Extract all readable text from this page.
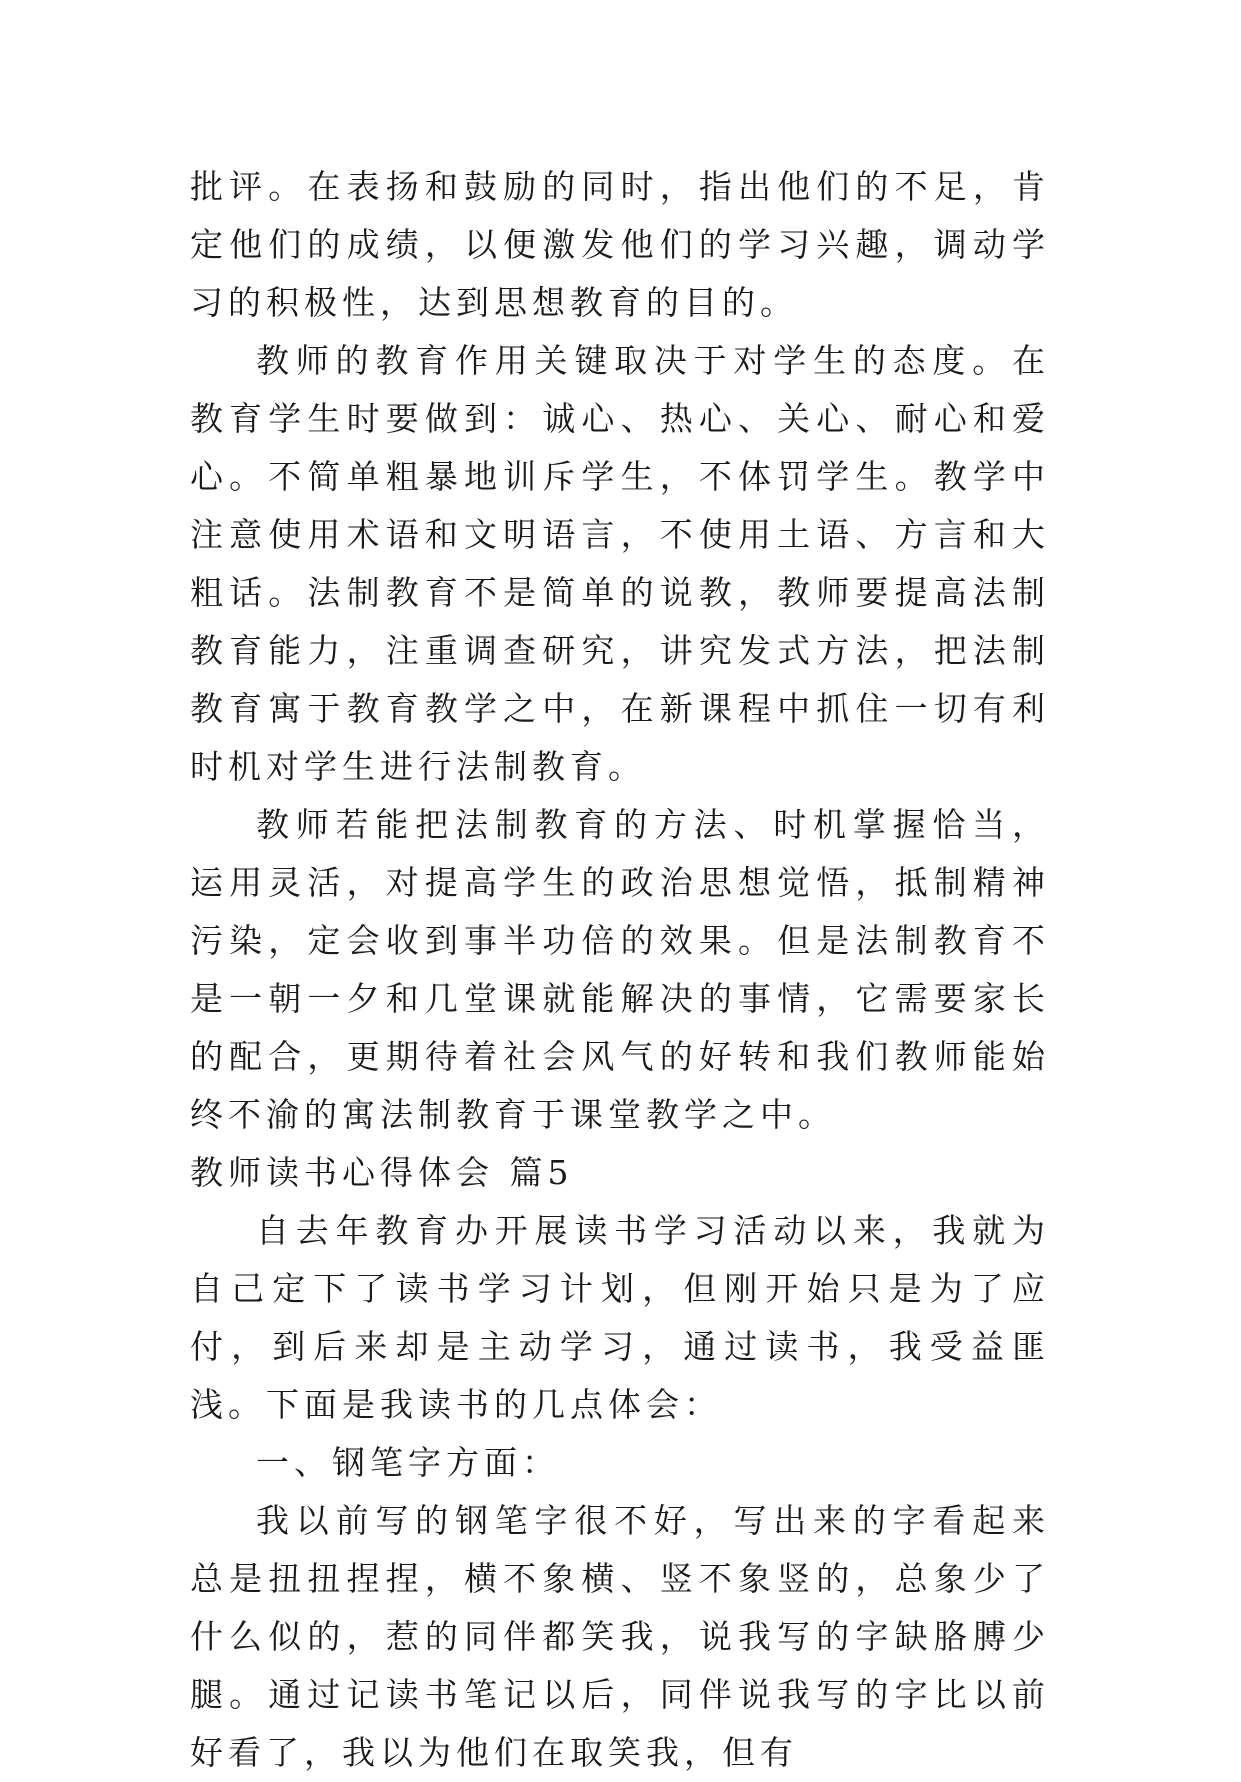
批评。在表扬和鼓励的同时，指出他们的不足，肯定他们的成绩，以便激发他们的学习兴趣，调动学习的积极性，达到思想教育的目的。

教师的教育作用关键取决于对学生的态度。在教育学生时要做到：诚心、热心、关心、耐心和爱心。不简单粗暴地训斥学生，不体罚学生。教学中注意使用术语和文明语言，不使用土语、方言和大粗话。法制教育不是简单的说教，教师要提高法制教育能力，注重调查研究，讲究发式方法，把法制教育寓于教育教学之中，在新课程中抓住一切有利时机对学生进行法制教育。

教师若能把法制教育的方法、时机掌握恰当，运用灵活，对提高学生的政治思想觉悟，抵制精神污染，定会收到事半功倍的效果。但是法制教育不是一朝一夕和几堂课就能解决的事情，它需要家长的配合，更期待着社会风气的好转和我们教师能始终不渝的寓法制教育于课堂教学之中。

教师读书心得体会 篇5

自去年教育办开展读书学习活动以来，我就为自己定下了读书学习计划，但刚开始只是为了应付，到后来却是主动学习，通过读书，我受益匪浅。下面是我读书的几点体会：

一、钢笔字方面：

我以前写的钢笔字很不好，写出来的字看起来总是扭扭捏捏，横不象横、竖不象竖的，总象少了什么似的，惹的同伴都笑我，说我写的字缺胳膊少腿。通过记读书笔记以后，同伴说我写的字比以前好看了，我以为他们在取笑我，但有
